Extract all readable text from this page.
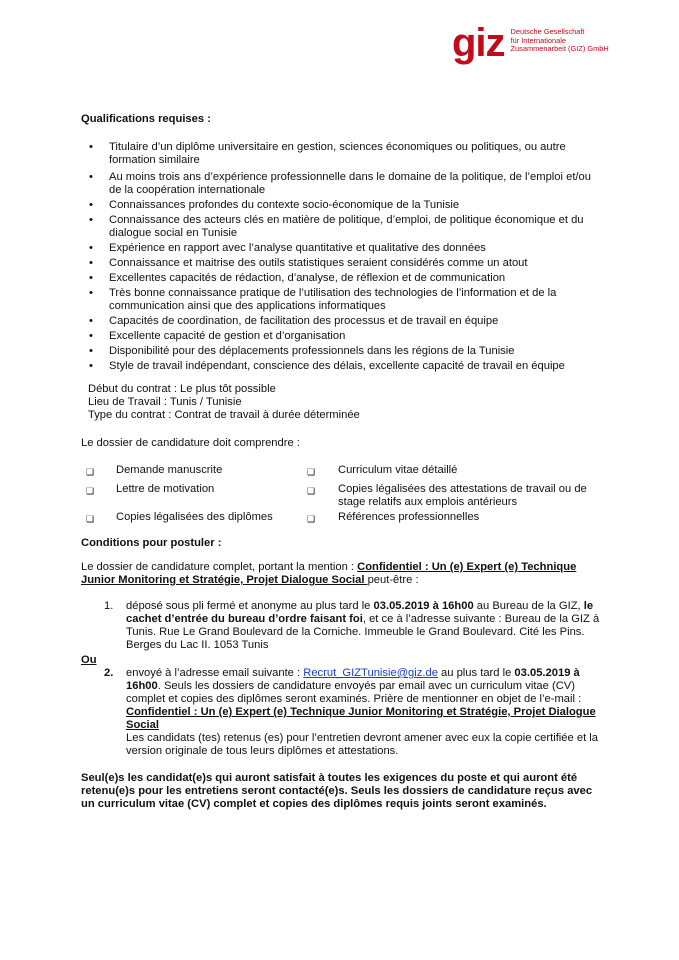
giz Deutsche Gesellschaft
für Internationale
Zusammenarbeit (GIZ) GmbH
Qualifications requises :
• Titulaire d’un diplôme universitaire en gestion, sciences économiques ou politiques, ou autre formation similaire
• Au moins trois ans d’expérience professionnelle dans le domaine de la politique, de l’emploi et/ou de la coopération internationale
• Connaissances profondes du contexte socio-économique de la Tunisie
• Connaissance des acteurs clés en matière de politique, d’emploi, de politique économique et du dialogue social en Tunisie
• Expérience en rapport avec l’analyse quantitative et qualitative des données
• Connaissance et maitrise des outils statistiques seraient considérés comme un atout
• Excellentes capacités de rédaction, d’analyse, de réflexion et de communication
• Très bonne connaissance pratique de l’utilisation des technologies de l’information et de la communication ainsi que des applications informatiques
• Capacités de coordination, de facilitation des processus et de travail en équipe
• Excellente capacité de gestion et d’organisation
• Disponibilité pour des déplacements professionnels dans les régions de la Tunisie
• Style de travail indépendant, conscience des délais, excellente capacité de travail en équipe
Début du contrat : Le plus tôt possible
Lieu de Travail : Tunis / Tunisie
Type du contrat : Contrat de travail à durée déterminée
Le dossier de candidature doit comprendre :
❑ Demande manuscrite
❑ Lettre de motivation
❑ Copies légalisées des diplômes
❑ Curriculum vitae détaillé
❑ Copies légalisées des attestations de travail ou de stage relatifs aux emplois antérieurs
❑ Références professionnelles
Conditions pour postuler :
Le dossier de candidature complet, portant la mention : Confidentiel : Un (e) Expert (e) Technique Junior Monitoring et Stratégie, Projet Dialogue Social peut-être :
1. déposé sous pli fermé et anonyme au plus tard le 03.05.2019 à 16h00 au Bureau de la GIZ, le cachet d’entrée du bureau d’ordre faisant foi, et ce à l’adresse suivante : Bureau de la GIZ à Tunis. Rue Le Grand Boulevard de la Corniche. Immeuble le Grand Boulevard. Cité les Pins. Berges du Lac II. 1053 Tunis
Ou
2. envoyé à l’adresse email suivante : Recrut_GIZTunisie@giz.de au plus tard le 03.05.2019 à 16h00. Seuls les dossiers de candidature envoyés par email avec un curriculum vitae (CV) complet et copies des diplômes seront examinés. Prière de mentionner en objet de l’e-mail : Confidentiel : Un (e) Expert (e) Technique Junior Monitoring et Stratégie, Projet Dialogue Social
Les candidats (tes) retenus (es) pour l’entretien devront amener avec eux la copie certifiée et la version originale de tous leurs diplômes et attestations.
Seul(e)s les candidat(e)s qui auront satisfait à toutes les exigences du poste et qui auront été retenu(e)s pour les entretiens seront contacté(e)s. Seuls les dossiers de candidature reçus avec un curriculum vitae (CV) complet et copies des diplômes requis joints seront examinés.
